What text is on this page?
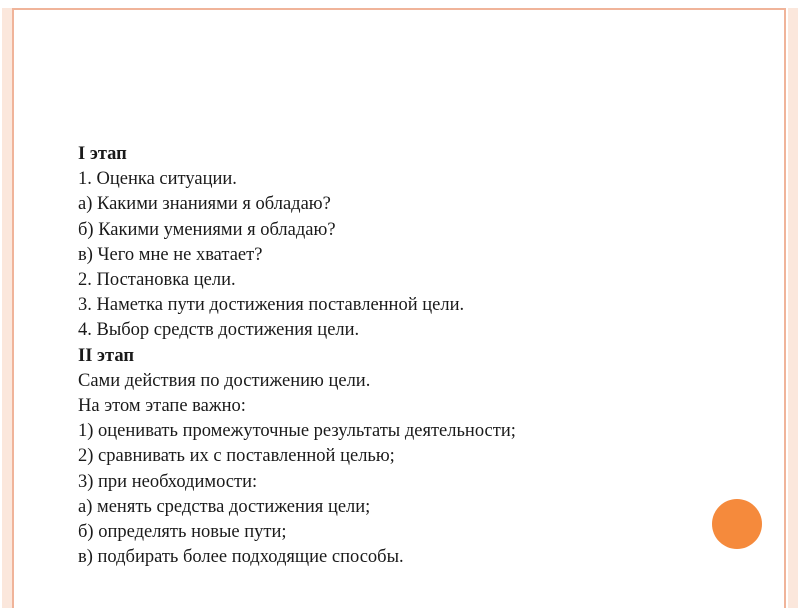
I этап
1. Оценка ситуации.
а) Какими знаниями я обладаю?
б) Какими умениями я обладаю?
в) Чего мне не хватает?
2. Постановка цели.
3. Наметка пути достижения поставленной цели.
4. Выбор средств достижения цели.
II этап
Сами действия по достижению цели.
На этом этапе важно:
1) оценивать промежуточные результаты деятельности;
2) сравнивать их с поставленной целью;
3) при необходимости:
а) менять средства достижения цели;
б) определять новые пути;
в) подбирать более подходящие способы.
